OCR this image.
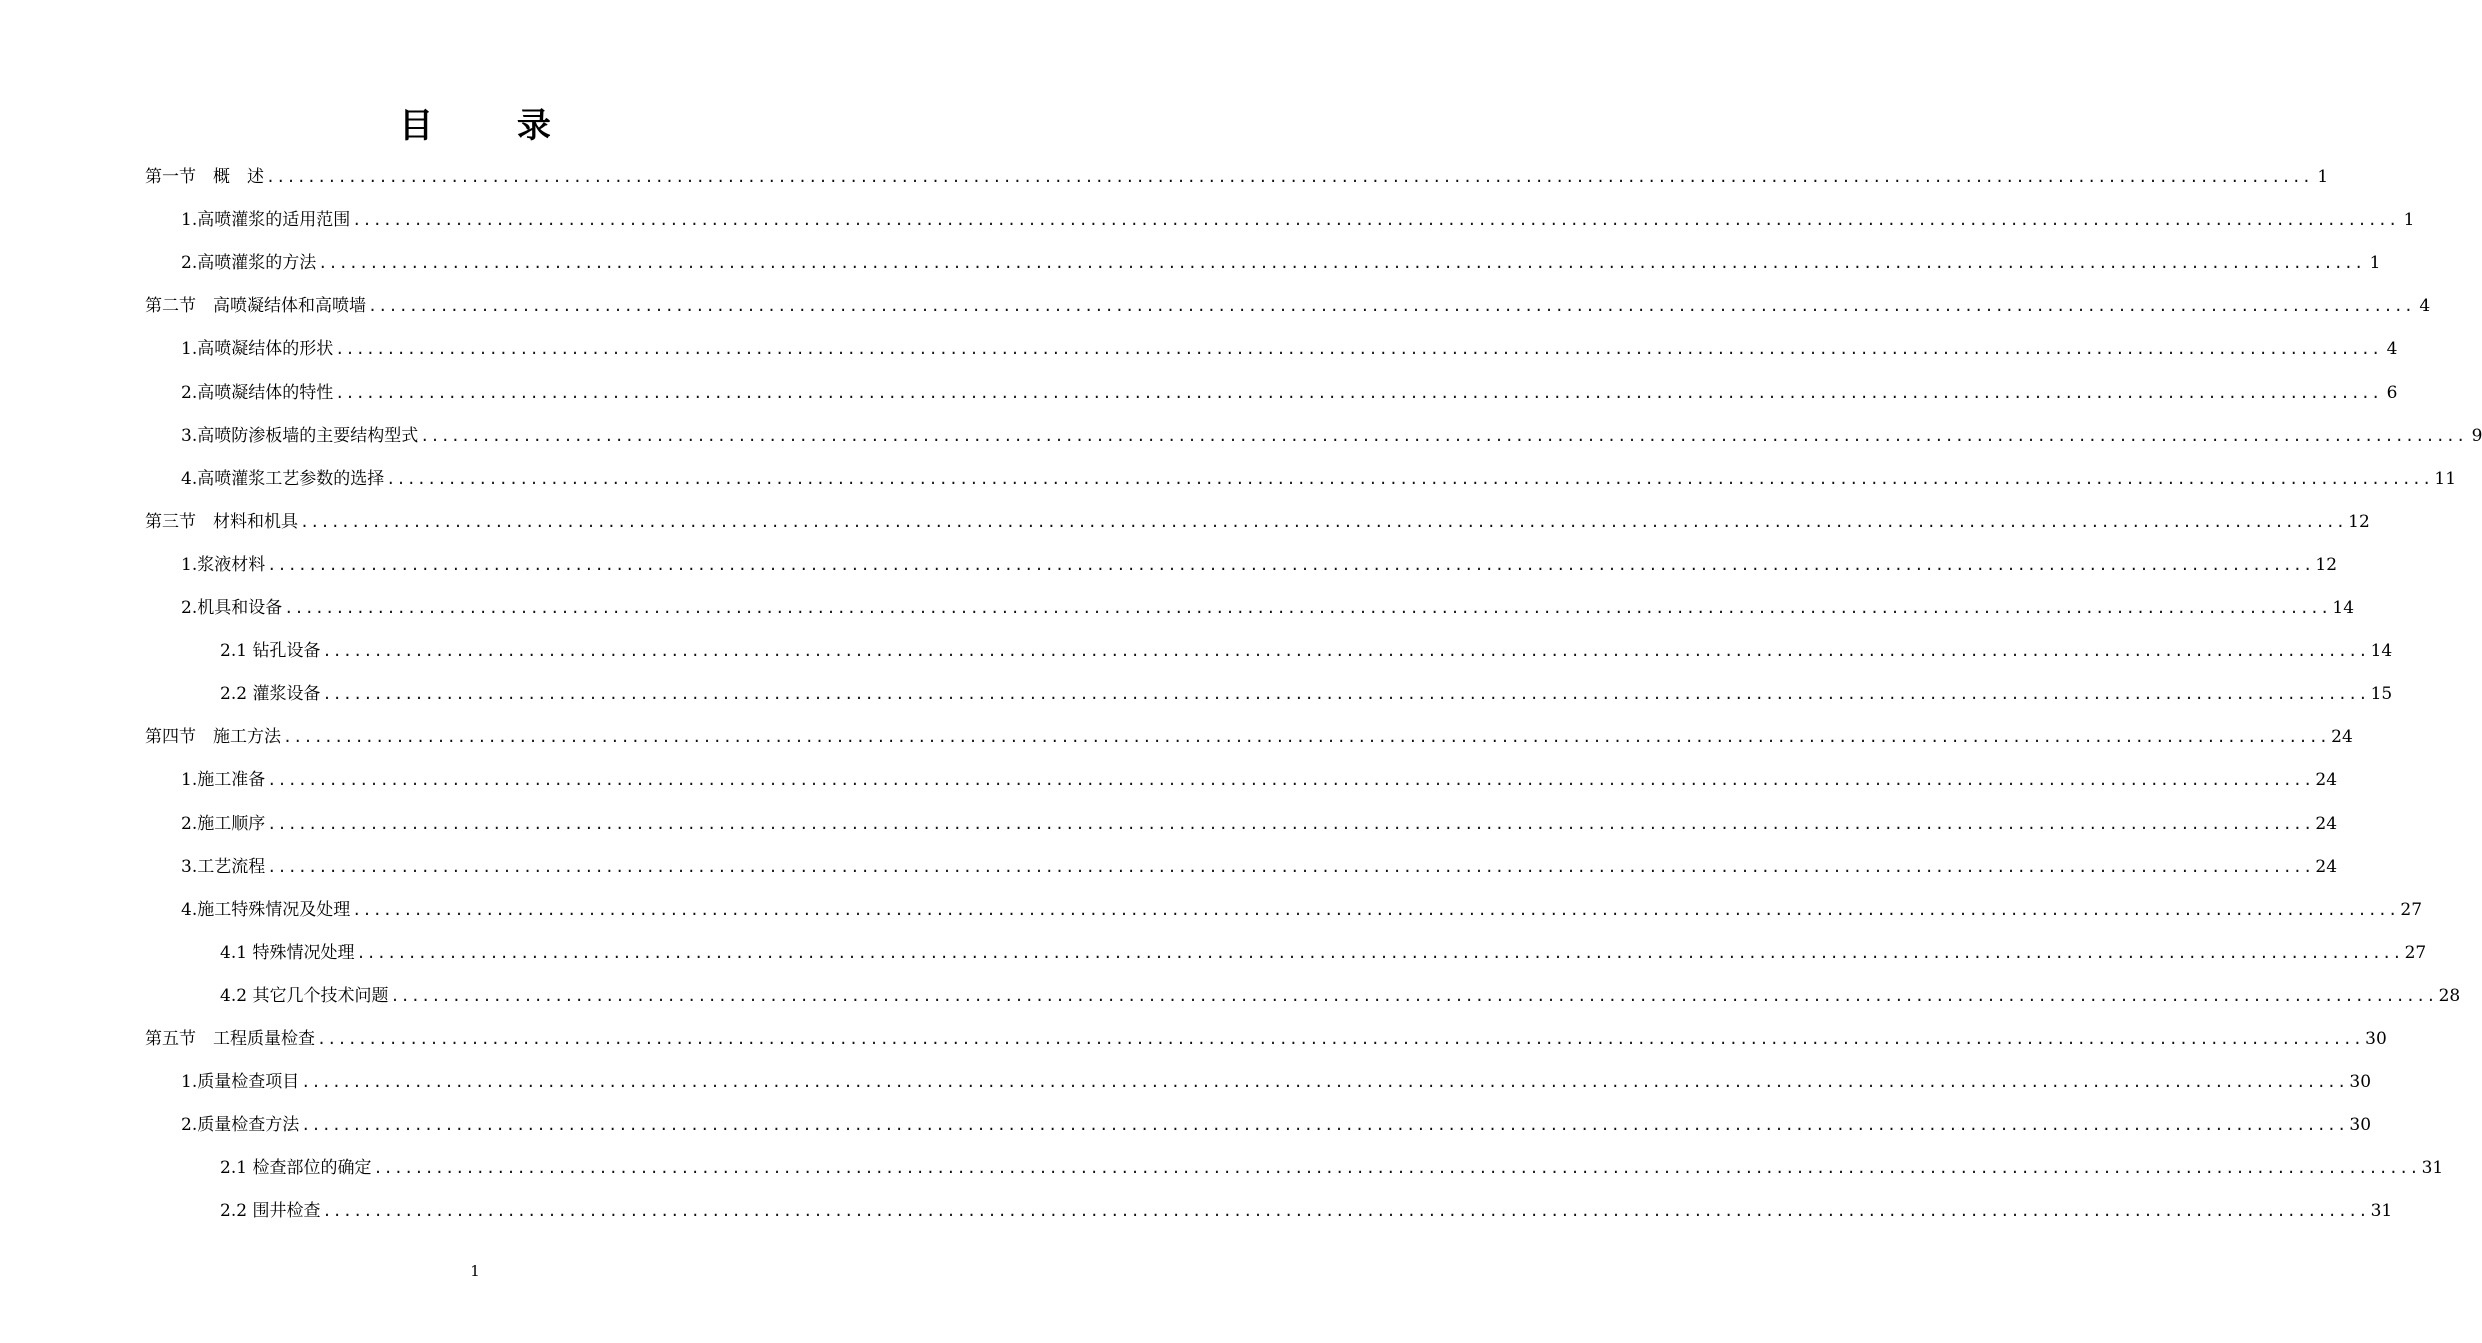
目 录
第一节　概　述 ........................................................................................................................................................................................................ 1
1.高喷灌浆的适用范围 ........................................................................................................................................................................................................ 1
2.高喷灌浆的方法 ........................................................................................................................................................................................................ 1
第二节　高喷凝结体和高喷墙 ........................................................................................................................................................................................................ 4
1.高喷凝结体的形状 ........................................................................................................................................................................................................ 4
2.高喷凝结体的特性 ........................................................................................................................................................................................................ 6
3.高喷防渗板墙的主要结构型式 ........................................................................................................................................................................................................ 9
4.高喷灌浆工艺参数的选择 ........................................................................................................................................................................................................ 11
第三节　材料和机具 ........................................................................................................................................................................................................ 12
1.浆液材料 ........................................................................................................................................................................................................ 12
2.机具和设备 ........................................................................................................................................................................................................ 14
2.1 钻孔设备 ........................................................................................................................................................................................................ 14
2.2 灌浆设备 ........................................................................................................................................................................................................ 15
第四节　施工方法 ........................................................................................................................................................................................................ 24
1.施工准备 ........................................................................................................................................................................................................ 24
2.施工顺序 ........................................................................................................................................................................................................ 24
3.工艺流程 ........................................................................................................................................................................................................ 24
4.施工特殊情况及处理 ........................................................................................................................................................................................................ 27
4.1 特殊情况处理 ........................................................................................................................................................................................................ 27
4.2 其它几个技术问题 ........................................................................................................................................................................................................ 28
第五节　工程质量检查 ........................................................................................................................................................................................................ 30
1.质量检查项目 ........................................................................................................................................................................................................ 30
2.质量检查方法 ........................................................................................................................................................................................................ 30
2.1 检查部位的确定 ........................................................................................................................................................................................................ 31
2.2 围井检查 ........................................................................................................................................................................................................ 31
1
